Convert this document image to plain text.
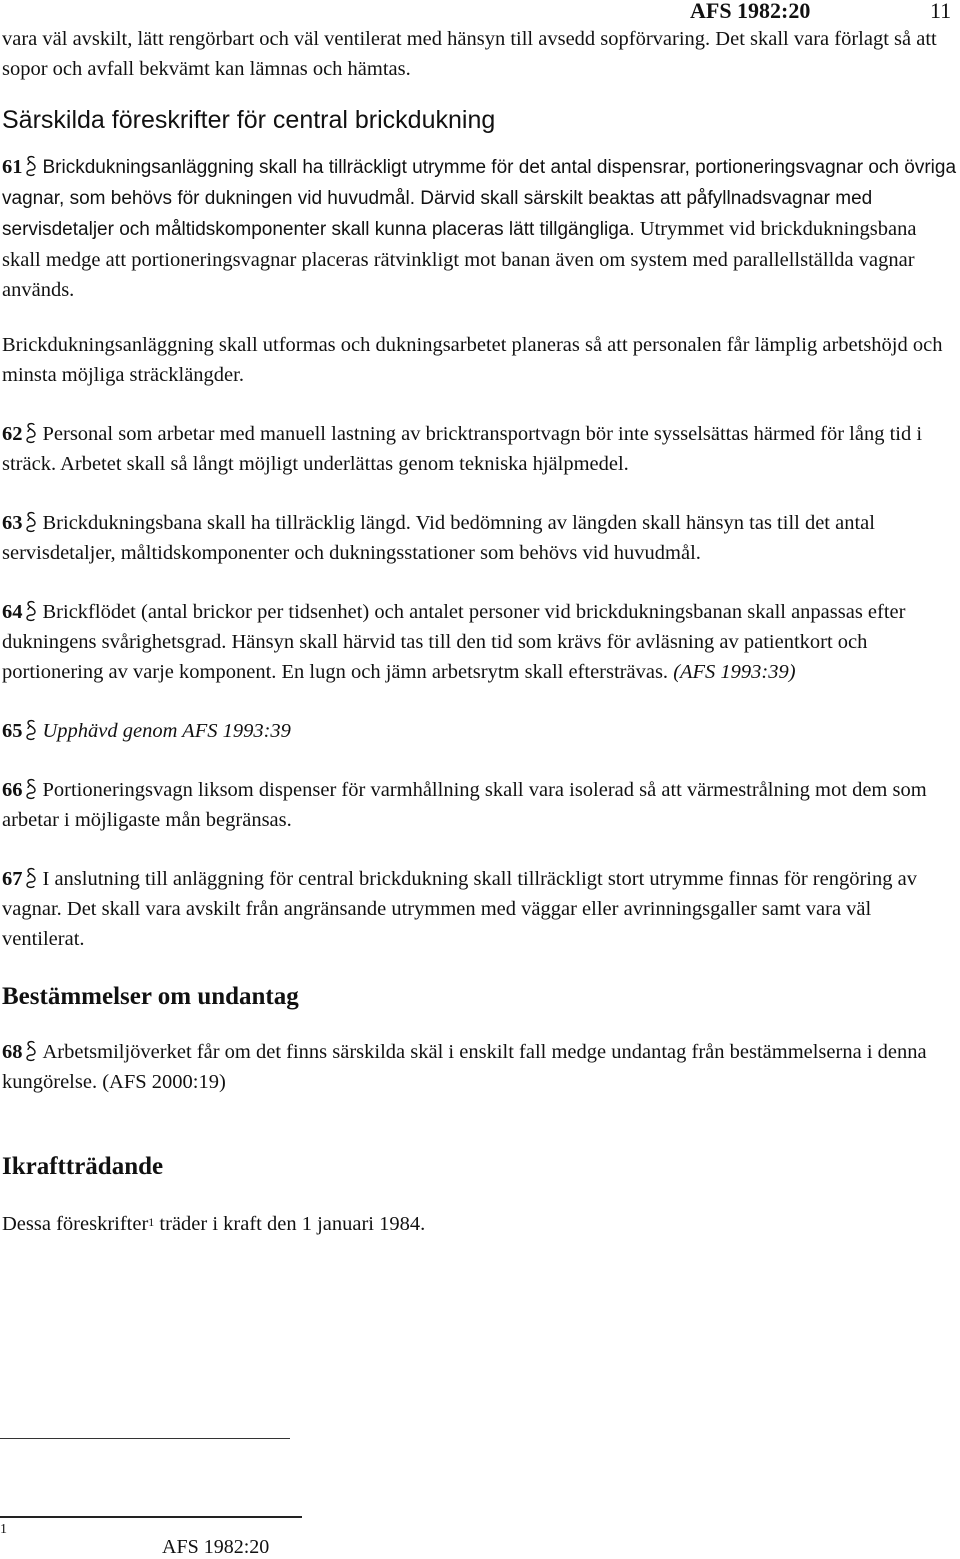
AFS 1982:20	11

vara väl avskilt, lätt rengörbart och väl ventilerat med hänsyn till avsedd sopförvaring. Det skall vara förlagt så att sopor och avfall bekvämt kan lämnas och hämtas.

Särskilda föreskrifter för central brickdukning

61 Brickdukningsanläggning skall ha tillräckligt utrymme för det antal dispensrar, portioneringsvagnar och övriga vagnar, som behövs för dukningen vid huvudmål. Därvid skall särskilt beaktas att påfyllnadsvagnar med servisdetaljer och måltidskomponenter skall kunna placeras lätt tillgängliga. Utrymmet vid brickdukningsbana skall medge att portioneringsvagnar placeras rätvinkligt mot banan även om system med parallellställda vagnar används.

Brickdukningsanläggning skall utformas och dukningsarbetet planeras så att personalen får lämplig arbetshöjd och minsta möjliga sträcklängder.

62 Personal som arbetar med manuell lastning av bricktransportvagn bör inte sysselsättas härmed för lång tid i sträck. Arbetet skall så långt möjligt underlättas genom tekniska hjälpmedel.

63 Brickdukningsbana skall ha tillräcklig längd. Vid bedömning av längden skall hänsyn tas till det antal servisdetaljer, måltidskomponenter och dukningsstationer som behövs vid huvudmål.

64 Brickflödet (antal brickor per tidsenhet) och antalet personer vid brickdukningsbanan skall anpassas efter dukningens svårighetsgrad. Hänsyn skall härvid tas till den tid som krävs för avläsning av patientkort och portionering av varje komponent. En lugn och jämn arbetsrytm skall eftersträvas. (AFS 1993:39)

65 Upphävd genom AFS 1993:39

66 Portioneringsvagn liksom dispenser för varmhållning skall vara isolerad så att värmestrålning mot dem som arbetar i möjligaste mån begränsas.

67 I anslutning till anläggning för central brickdukning skall tillräckligt stort utrymme finnas för rengöring av vagnar. Det skall vara avskilt från angränsande utrymmen med väggar eller avrinningsgaller samt vara väl ventilerat.

Bestämmelser om undantag

68 Arbetsmiljöverket får om det finns särskilda skäl i enskilt fall medge undantag från bestämmelserna i denna kungörelse. (AFS 2000:19)

Ikraftträdande

Dessa föreskrifter$^1$ träder i kraft den 1 januari 1984.

1
AFS 1982:20
